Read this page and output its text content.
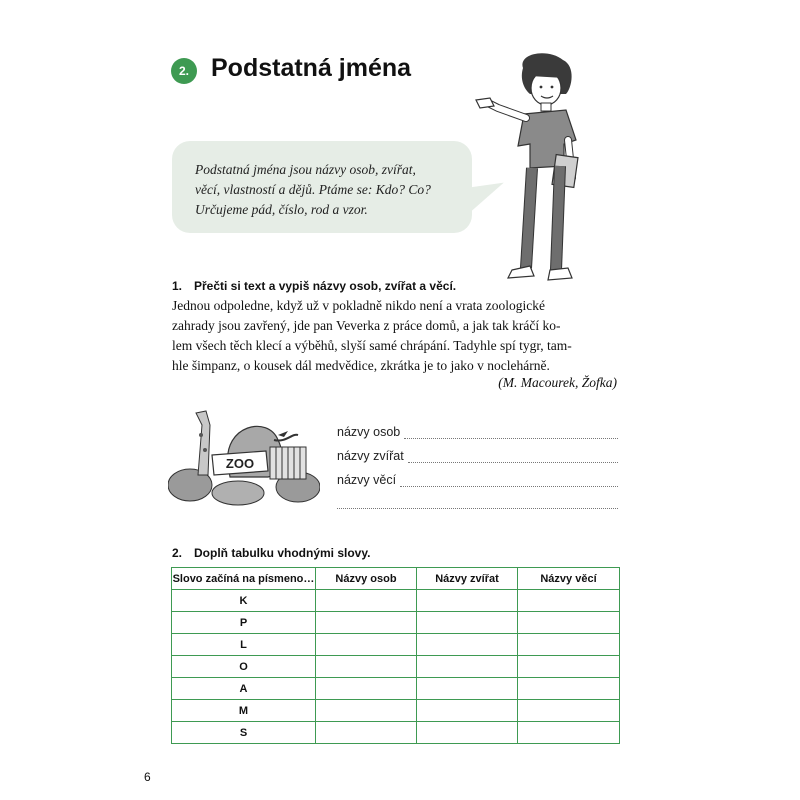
2. Podstatná jména
Podstatná jména jsou názvy osob, zvířat,
věcí, vlastností a dějů. Ptáme se: Kdo? Co?
Určujeme pád, číslo, rod a vzor.
1. Přečti si text a vypiš názvy osob, zvířat a věcí.
Jednou odpoledne, když už v pokladně nikdo není a vrata zoologické
zahrady jsou zavřený, jde pan Veverka z práce domů, a jak tak kráčí ko-
lem všech těch klecí a výběhů, slyší samé chrápání. Tadyhle spí tygr, tam-
hle šimpanz, o kousek dál medvědice, zkrátka je to jako v noclehárně.
(M. Macourek, Žofka)
ZOO
názvy osob
názvy zvířat
názvy věcí
2. Doplň tabulku vhodnými slovy.
Slovo začíná na písmeno…	Názvy osob	Názvy zvířat	Názvy věcí
K			
P			
L			
O			
A			
M			
S			
6
